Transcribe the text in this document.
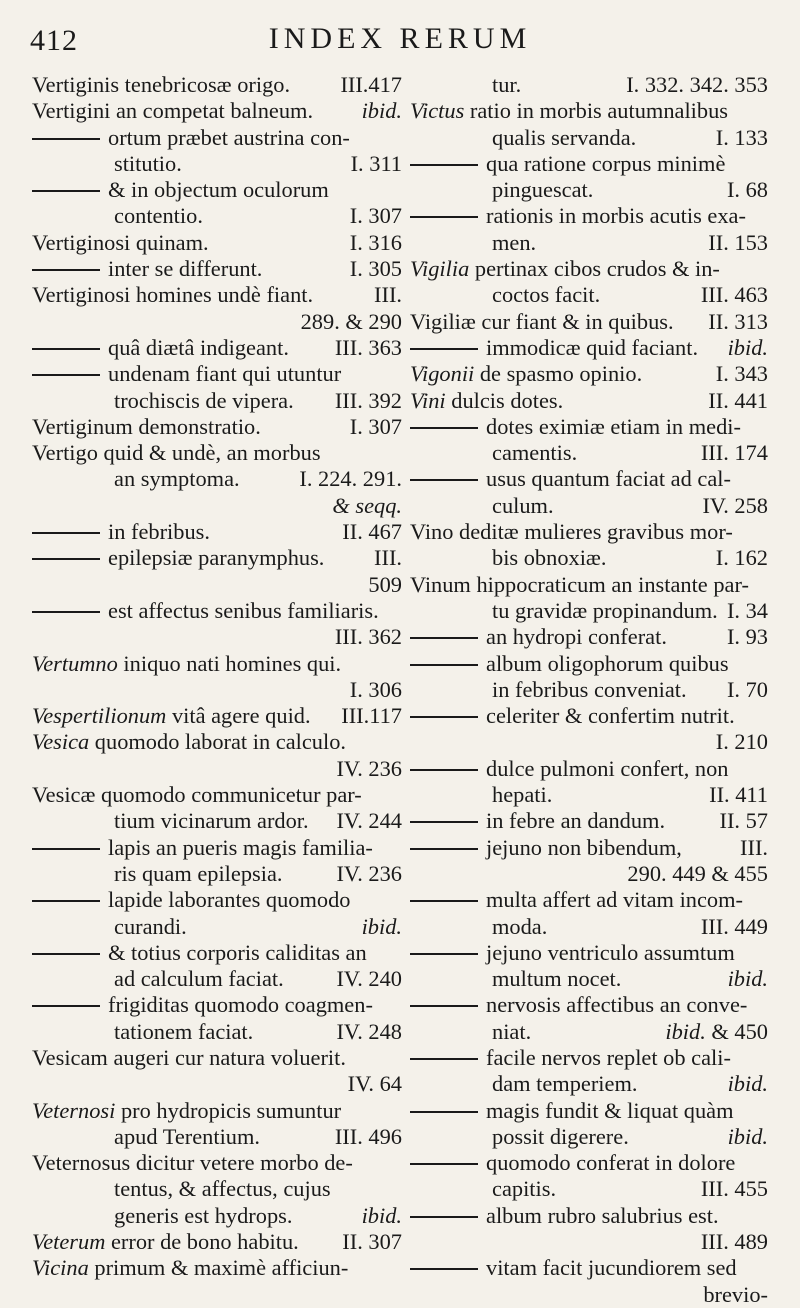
412	INDEX RERUM
Vertiginis tenebricosæ origo. III.417
Vertigini an competat balneum. ibid.
ortum præbet austrina con-
stitutio.	I. 311
& in objectum oculorum
contentio.	I. 307
Vertiginosi quinam.	I. 316
inter se differunt.	I. 305
Vertiginosi homines undè fiant.	III.
289. & 290
quâ diætâ indigeant. III. 363
undenam fiant qui utuntur
trochiscis de vipera. III. 392
Vertiginum demonstratio.	I. 307
Vertigo quid & undè, an morbus
an symptoma.	I. 224. 291.
& seqq.
in febribus.	II. 467
epilepsiæ paranymphus. III.
509
est affectus senibus familiaris.
III. 362
Vertumno iniquo nati homines qui.
I. 306
Vespertilionum vitâ agere quid. III.117
Vesica quomodo laborat in calculo.
IV. 236
Vesicæ quomodo communicetur par-
tium vicinarum ardor. IV. 244
lapis an pueris magis familia-
ris quam epilepsia. IV. 236
lapide laborantes quomodo
curandi.	ibid.
& totius corporis caliditas an
ad calculum faciat. IV. 240
frigiditas quomodo coagmen-
tationem faciat.	IV. 248
Vesicam augeri cur natura voluerit.
IV. 64
Veternosi pro hydropicis sumuntur
apud Terentium.	III. 496
Veternosus dicitur vetere morbo de-
tentus, & affectus, cujus
generis est hydrops.	ibid.
Veterum error de bono habitu. II. 307
Vicina primum & maximè afficiun-
tur.	I. 332. 342. 353
Victus ratio in morbis autumnalibus
qualis servanda.	I. 133
qua ratione corpus minimè
pinguescat.	I. 68
rationis in morbis acutis exa-
men.	II. 153
Vigilia pertinax cibos crudos & in-
coctos facit.	III. 463
Vigiliæ cur fiant & in quibus. II. 313
immodicæ quid faciant. ibid.
Vigonii de spasmo opinio.	I. 343
Vini dulcis dotes.	II. 441
dotes eximiæ etiam in medi-
camentis.	III. 174
usus quantum faciat ad cal-
culum.	IV. 258
Vino deditæ mulieres gravibus mor-
bis obnoxiæ.	I. 162
Vinum hippocraticum an instante par-
tu gravidæ propinandum. I. 34
an hydropi conferat.	I. 93
album oligophorum quibus
in febribus conveniat. I. 70
celeriter & confertim nutrit.
I. 210
dulce pulmoni confert, non
hepati.	II. 411
in febre an dandum. II. 57
jejuno non bibendum,	III.
290. 449 & 455
multa affert ad vitam incom-
moda.	III. 449
jejuno ventriculo assumtum
multum nocet.	ibid.
nervosis affectibus an conve-
niat.	ibid. & 450
facile nervos replet ob cali-
dam temperiem.	ibid.
magis fundit & liquat quàm
possit digerere.	ibid.
quomodo conferat in dolore
capitis.	III. 455
album rubro salubrius est.
III. 489
vitam facit jucundiorem sed
brevio-
